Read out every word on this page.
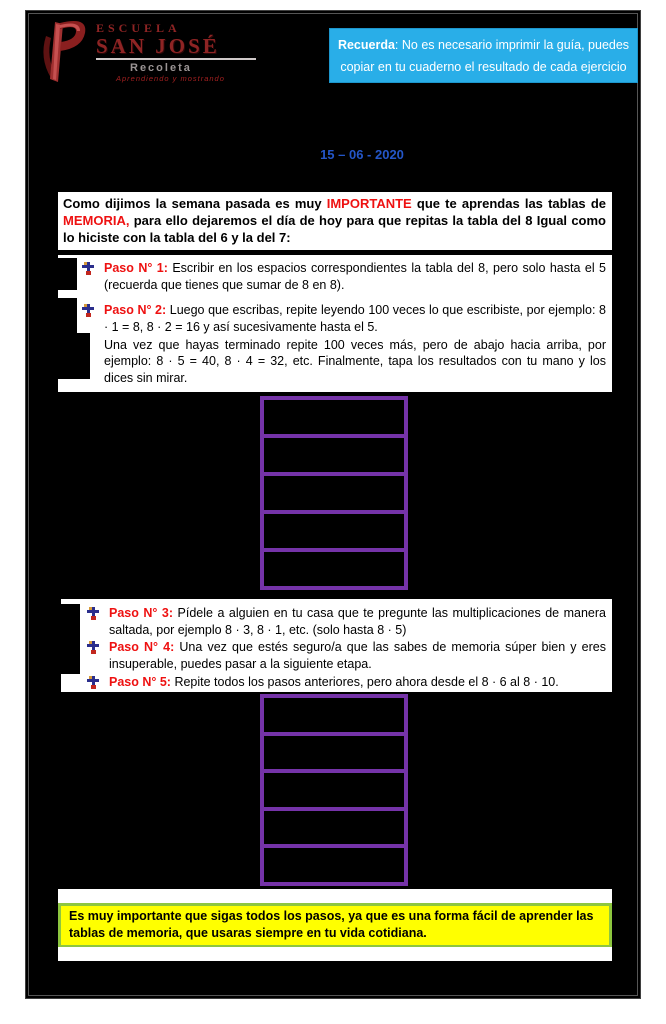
ESCUELA
SAN JOSÉ
Recoleta
Aprendiendo y mostrando
Recuerda: No es necesario imprimir la guía, puedes copiar en tu cuaderno el resultado de cada ejercicio
15 – 06 - 2020
Como dijimos la semana pasada es muy IMPORTANTE que te aprendas las tablas de MEMORIA, para ello dejaremos el día de hoy para que repitas la tabla del 8 Igual como lo hiciste con la tabla del 6 y la del 7:

Paso N° 1: Escribir en los espacios correspondientes la tabla del 8, pero solo hasta el 5 (recuerda que tienes que sumar de 8 en 8).

Paso N° 2: Luego que escribas, repite leyendo 100 veces lo que escribiste, por ejemplo: 8 · 1 = 8, 8 · 2 = 16 y así sucesivamente hasta el 5.

Una vez que hayas terminado repite 100 veces más, pero de abajo hacia arriba, por ejemplo: 8 · 5 = 40, 8 · 4 = 32, etc. Finalmente, tapa los resultados con tu mano y los dices sin mirar.

Paso N° 3: Pídele a alguien en tu casa que te pregunte las multiplicaciones de manera saltada, por ejemplo 8 · 3, 8 · 1, etc. (solo hasta 8 · 5)

Paso N° 4: Una vez que estés seguro/a que las sabes de memoria súper bien y eres insuperable, puedes pasar a la siguiente etapa.

Paso N° 5: Repite todos los pasos anteriores, pero ahora desde el 8 · 6 al 8 · 10.

Es muy importante que sigas todos los pasos, ya que es una forma fácil de aprender las tablas de memoria, que usaras siempre en tu vida cotidiana.
